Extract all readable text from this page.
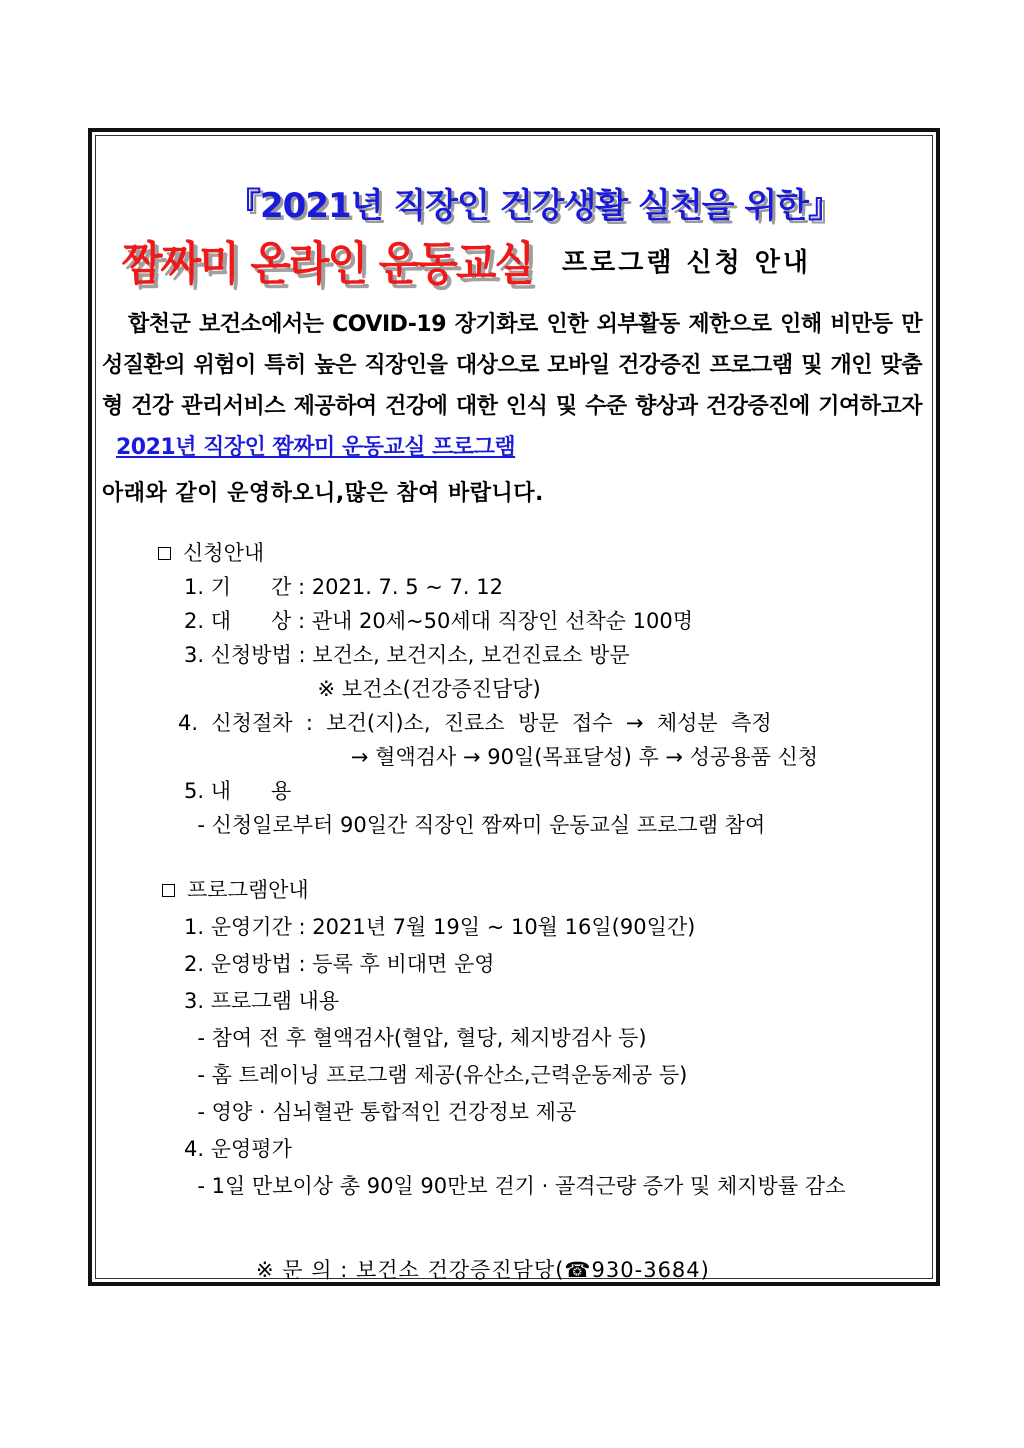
『2021년 직장인 건강생활 실천을 위한』
짬짜미 온라인 운동교실 프로그램 신청 안내
합천군 보건소에서는 COVID-19 장기화로 인한 외부활동 제한으로 인해 비만등 만성질환의 위험이 특히 높은 직장인을 대상으로 모바일 건강증진 프로그램 및 개인 맞춤형 건강 관리서비스 제공하여 건강에 대한 인식 및 수준 향상과 건강증진에 기여하고자2021년 직장인 짬짜미 운동교실 프로그램
아래와 같이 운영하오니,많은 참여 바랍니다.
신청안내
1. 기      간 : 2021. 7. 5 ~ 7. 12
2. 대      상 : 관내 20세~50세대 직장인 선착순 100명
3. 신청방법 : 보건소, 보건지소, 보건진료소 방문
※ 보건소(건강증진담당)
4.  신청절차  :  보건(지)소,  진료소  방문  접수  →  체성분  측정
→ 혈액검사 → 90일(목표달성) 후 → 성공용품 신청
5. 내      용
- 신청일로부터 90일간 직장인 짬짜미 운동교실 프로그램 참여
프로그램안내
1. 운영기간 : 2021년 7월 19일 ~ 10월 16일(90일간)
2. 운영방법 : 등록 후 비대면 운영
3. 프로그램 내용
- 참여 전 후 혈액검사(혈압, 혈당, 체지방검사 등)
- 홈 트레이닝 프로그램 제공(유산소,근력운동제공 등)
- 영양 · 심뇌혈관 통합적인 건강정보 제공
4. 운영평가
- 1일 만보이상 총 90일 90만보 걷기 · 골격근량 증가 및 체지방률 감소
※ 문 의 : 보건소 건강증진담당(☎930-3684)
